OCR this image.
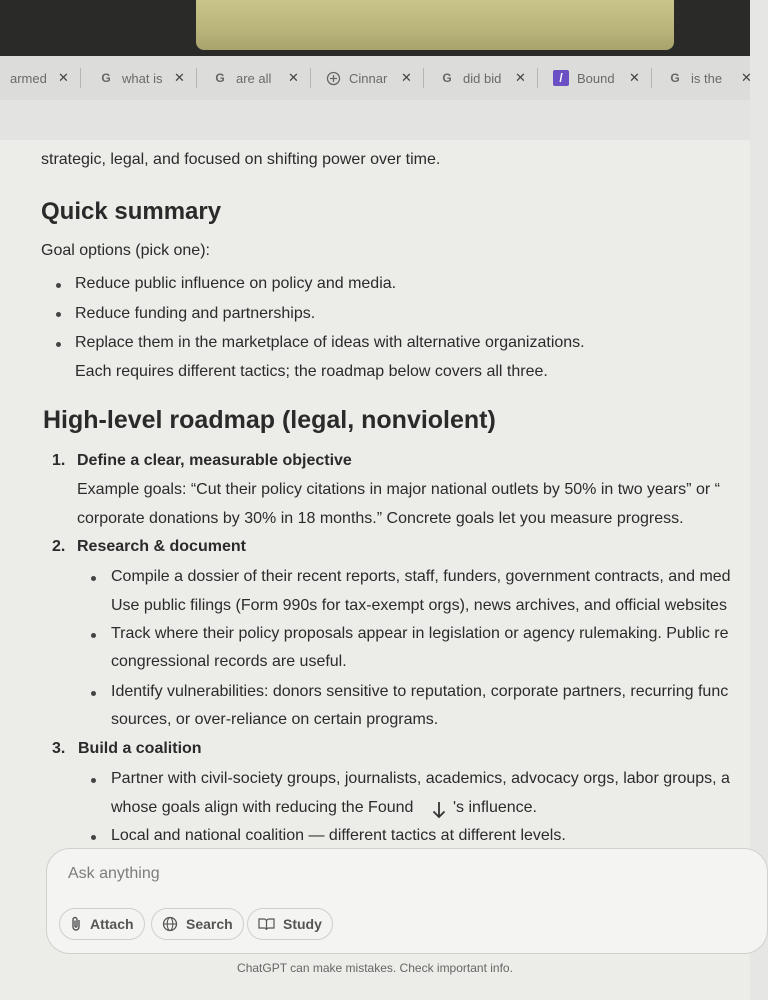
armed ✕	G what is ✕	G are all	✕	Cinnar ✕	G did bid ✕	/	Bound ✕	G is the	✕
strategic, legal, and focused on shifting power over time.
Quick summary
Goal options (pick one):
Reduce public influence on policy and media.
Reduce funding and partnerships.
Replace them in the marketplace of ideas with alternative organizations.
Each requires different tactics; the roadmap below covers all three.
High-level roadmap (legal, nonviolent)
1. Define a clear, measurable objective
Example goals: “Cut their policy citations in major national outlets by 50% in two years” or “
corporate donations by 30% in 18 months.” Concrete goals let you measure progress.
2. Research & document
Compile a dossier of their recent reports, staff, funders, government contracts, and med
Use public filings (Form 990s for tax-exempt orgs), news archives, and official websites
Track where their policy proposals appear in legislation or agency rulemaking. Public re
congressional records are useful.
Identify vulnerabilities: donors sensitive to reputation, corporate partners, recurring func
sources, or over-reliance on certain programs.
3. Build a coalition
Partner with civil-society groups, journalists, academics, advocacy orgs, labor groups, a
whose goals align with reducing the Found 's influence.
Local and national coalition — different tactics at different levels.
Ask anything
Attach	Search	Study
ChatGPT can make mistakes. Check important info.
